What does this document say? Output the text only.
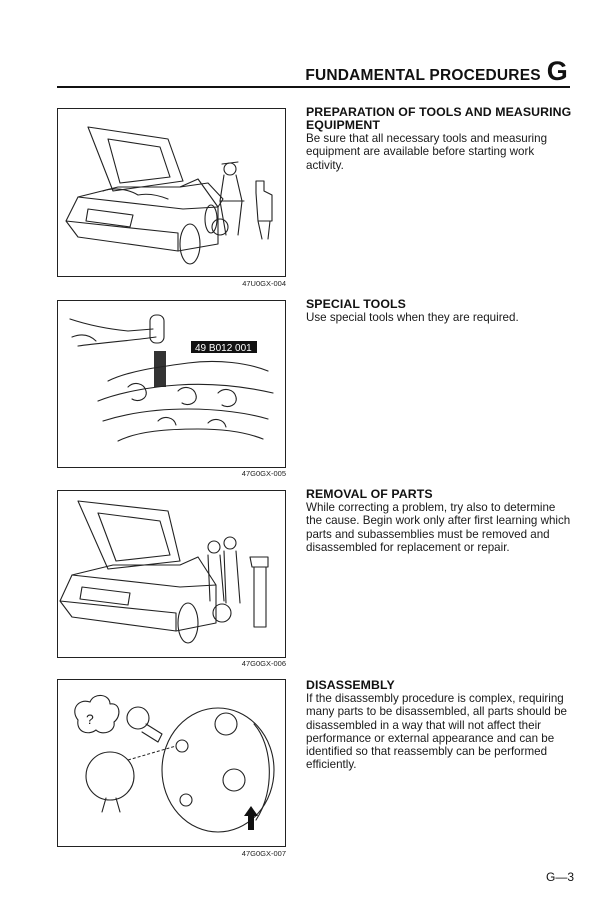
FUNDAMENTAL PROCEDURES G
47U0GX-004
PREPARATION OF TOOLS AND MEASURING
EQUIPMENT

Be sure that all necessary tools and measuring equipment are available before starting work activity.

49 B012 001
47G0GX-005
SPECIAL TOOLS

Use special tools when they are required.

47G0GX-006
REMOVAL OF PARTS

While correcting a problem, try also to determine the cause. Begin work only after first learning which parts and subassemblies must be removed and disassembled for replacement or repair.

?
47G0GX-007
DISASSEMBLY

If the disassembly procedure is complex, requiring many parts to be disassembled, all parts should be disassembled in a way that will not affect their performance or external appearance and can be identified so that reassembly can be performed efficiently.

G—3
